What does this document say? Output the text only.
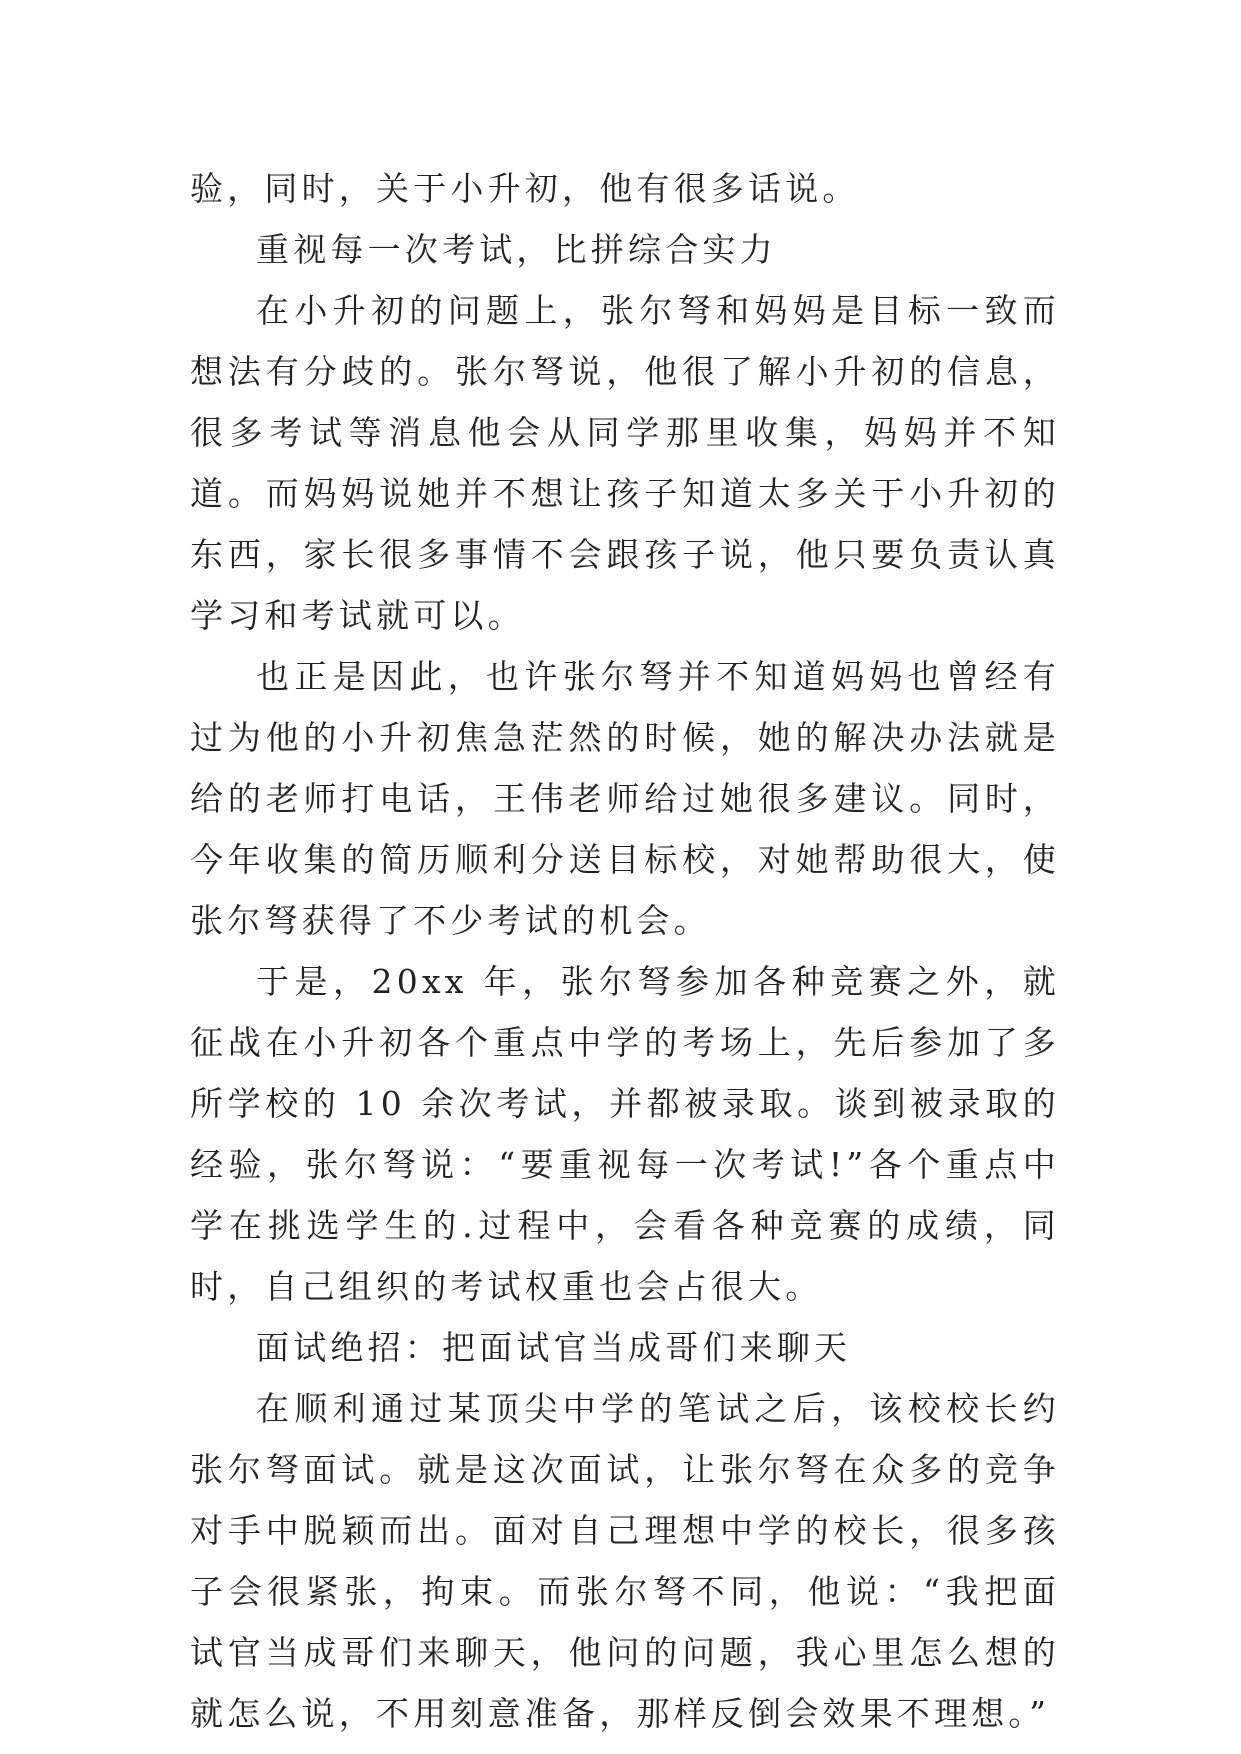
验，同时，关于小升初，他有很多话说。

重视每一次考试，比拼综合实力

在小升初的问题上，张尔弩和妈妈是目标一致而想法有分歧的。张尔弩说，他很了解小升初的信息，很多考试等消息他会从同学那里收集，妈妈并不知道。而妈妈说她并不想让孩子知道太多关于小升初的东西，家长很多事情不会跟孩子说，他只要负责认真学习和考试就可以。

也正是因此，也许张尔弩并不知道妈妈也曾经有过为他的小升初焦急茫然的时候，她的解决办法就是给的老师打电话，王伟老师给过她很多建议。同时，今年收集的简历顺利分送目标校，对她帮助很大，使张尔弩获得了不少考试的机会。

于是，20xx 年，张尔弩参加各种竞赛之外，就征战在小升初各个重点中学的考场上，先后参加了多所学校的 10 余次考试，并都被录取。谈到被录取的经验，张尔弩说：“要重视每一次考试!”各个重点中学在挑选学生的.过程中，会看各种竞赛的成绩，同时，自己组织的考试权重也会占很大。

面试绝招：把面试官当成哥们来聊天

在顺利通过某顶尖中学的笔试之后，该校校长约张尔弩面试。就是这次面试，让张尔弩在众多的竞争对手中脱颖而出。面对自己理想中学的校长，很多孩子会很紧张，拘束。而张尔弩不同，他说：“我把面试官当成哥们来聊天，他问的问题，我心里怎么想的就怎么说，不用刻意准备，那样反倒会效果不理想。”
